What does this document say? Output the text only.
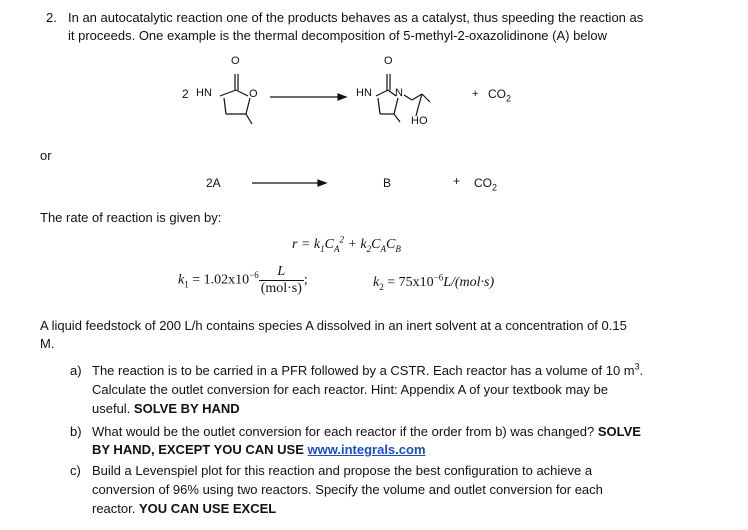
2. In an autocatalytic reaction one of the products behaves as a catalyst, thus speeding the reaction as
it proceeds. One example is the thermal decomposition of 5-methyl-2-oxazolidinone (A) below
2 HN	O
O
HN N
O
HO
+ $CO_2$
or
2A	B	+ $CO_2$
The rate of reaction is given by:
$r = k_1C_A^2 + k_2C_AC_B$
$k_1 = 1.02x10^{-6} \frac{L}{\text{(mol·s)}}$ ;	$k_2 = 75x10^{-6}L/(mol\cdot s)$
A liquid feedstock of 200 L/h contains species A dissolved in an inert solvent at a concentration of 0.15
M.
a) The reaction is to be carried in a PFR followed by a CSTR. Each reactor has a volume of 10 $m^3$.
Calculate the outlet conversion for each reactor. Hint: Appendix A of your textbook may be
useful. SOLVE BY HAND
b) What would be the outlet conversion for each reactor if the order from b) was changed? SOLVE
BY HAND, EXCEPT YOU CAN USE www.integrals.com
c) Build a Levenspiel plot for this reaction and propose the best configuration to achieve a
conversion of 96% using two reactors. Specify the volume and outlet conversion for each
reactor. YOU CAN USE EXCEL
